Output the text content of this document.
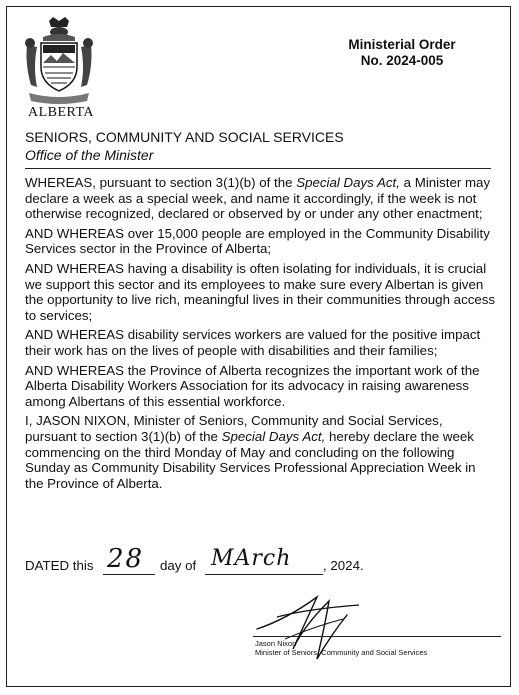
ALBERTA
Ministerial Order
No. 2024-005
SENIORS, COMMUNITY AND SOCIAL SERVICES
Office of the Minister

WHEREAS, pursuant to section 3(1)(b) of the Special Days Act, a Minister may declare a week as a special week, and name it accordingly, if the week is not otherwise recognized, declared or observed by or under any other enactment;

AND WHEREAS over 15,000 people are employed in the Community Disability Services sector in the Province of Alberta;

AND WHEREAS having a disability is often isolating for individuals, it is crucial we support this sector and its employees to make sure every Albertan is given the opportunity to live rich, meaningful lives in their communities through access to services;

AND WHEREAS disability services workers are valued for the positive impact their work has on the lives of people with disabilities and their families;

AND WHEREAS the Province of Alberta recognizes the important work of the Alberta Disability Workers Association for its advocacy in raising awareness among Albertans of this essential workforce.

I, JASON NIXON, Minister of Seniors, Community and Social Services, pursuant to section 3(1)(b) of the Special Days Act, hereby declare the week commencing on the third Monday of May and concluding on the following Sunday as Community Disability Services Professional Appreciation Week in the Province of Alberta.

DATED this 28 day of MArch , 2024.
Jason Nixon
Minister of Seniors, Community and Social Services
